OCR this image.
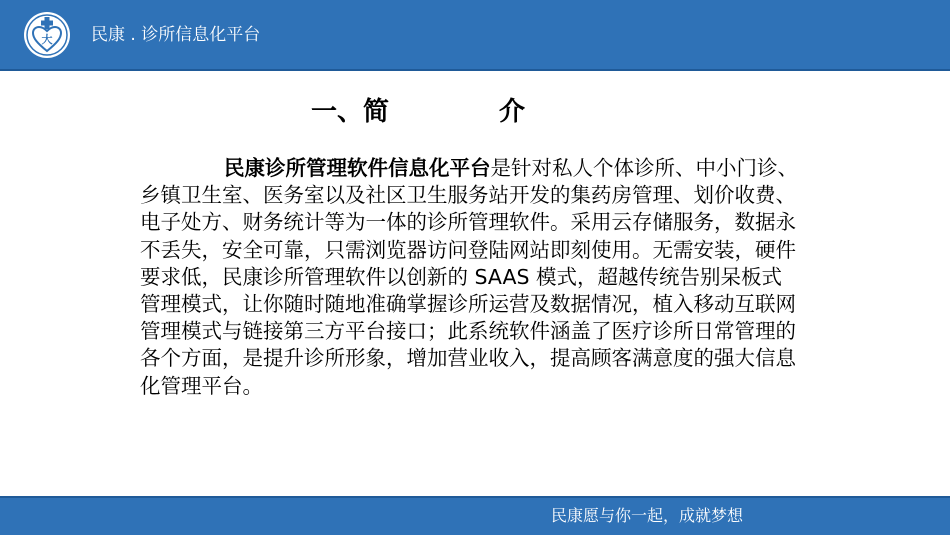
大 民康 . 诊所信息化平台
一、简	介

民康诊所管理软件信息化平台是针对私人个体诊所、中小门诊、乡镇卫生室、医务室以及社区卫生服务站开发的集药房管理、划价收费、电子处方、财务统计等为一体的诊所管理软件。采用云存储服务，数据永不丢失，安全可靠，只需浏览器访问登陆网站即刻使用。无需安装，硬件要求低，民康诊所管理软件以创新的 SAAS 模式，超越传统告别呆板式管理模式，让你随时随地准确掌握诊所运营及数据情况，植入移动互联网管理模式与链接第三方平台接口；此系统软件涵盖了医疗诊所日常管理的各个方面，是提升诊所形象，增加营业收入，提高顾客满意度的强大信息化管理平台。

民康愿与你一起，成就梦想
